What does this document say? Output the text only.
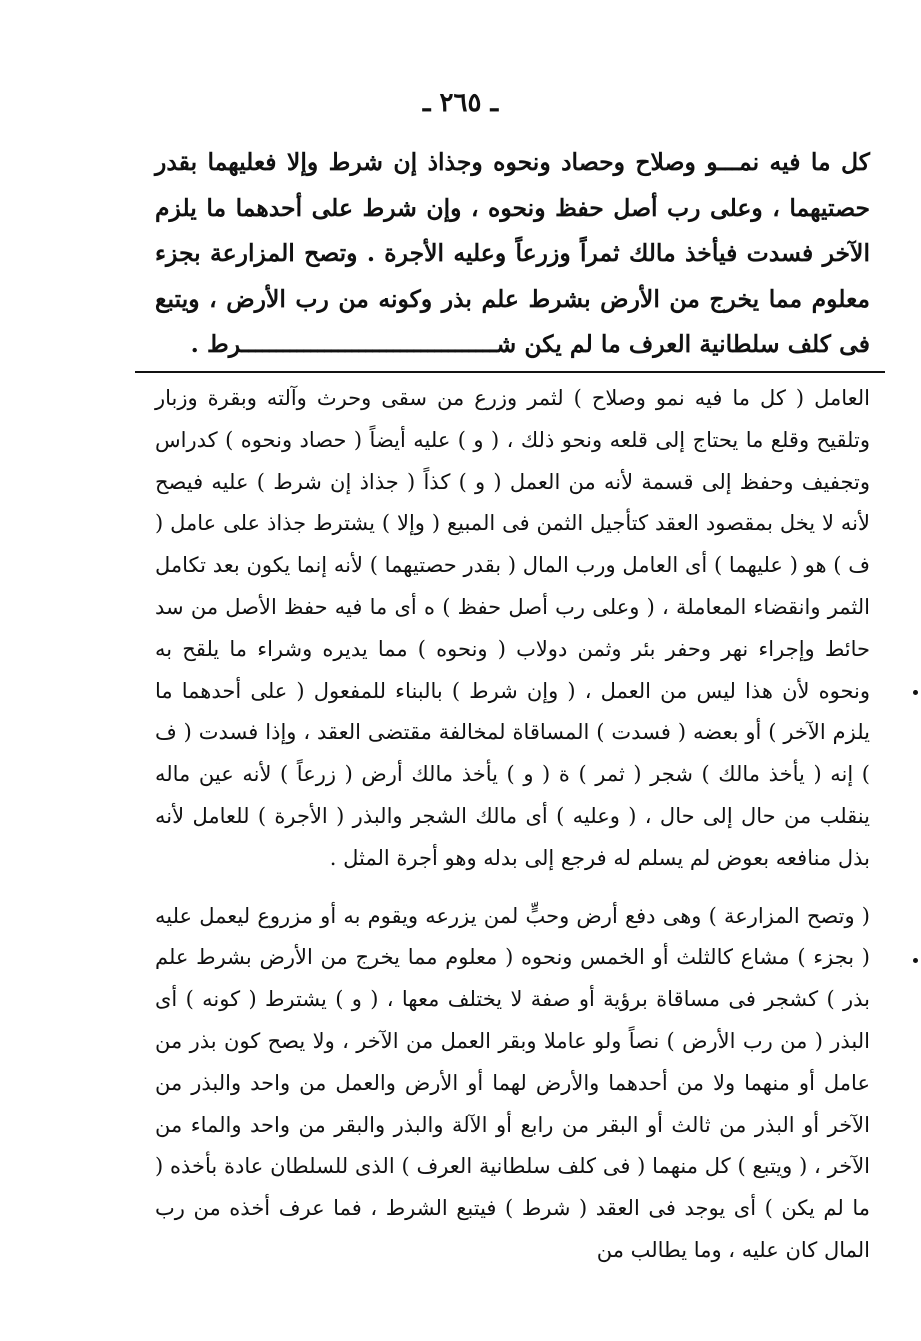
ـ ٢٦٥ ـ
كل ما فيه نمـــو وصلاح وحصاد ونحوه وجذاذ إن شرط وإلا فعليهما بقدر حصتيهما ، وعلى رب أصل حفظ ونحوه ، وإن شرط على أحدهما ما يلزم الآخر فسدت فيأخذ مالك ثمراً وزرعاً وعليه الأجرة . وتصح المزارعة بجزء معلوم مما يخرج من الأرض بشرط علم بذر وكونه من رب الأرض ، ويتبع فى كلف سلطانية العرف ما لم يكن شـــــــــــــــــــــــــــــــــــــرط .

العامل ( كل ما فيه نمو وصلاح ) لثمر وزرع من سقى وحرث وآلته وبقرة وزبار وتلقيح وقلع ما يحتاج إلى قلعه ونحو ذلك ، ( و ) عليه أيضاً ( حصاد ونحوه ) كدراس وتجفيف وحفظ إلى قسمة لأنه من العمل ( و ) كذاً ( جذاذ إن شرط ) عليه فيصح لأنه لا يخل بمقصود العقد كتأجيل الثمن فى المبيع ( وإلا ) يشترط جذاذ على عامل ( ف ) هو ( عليهما ) أى العامل ورب المال ( بقدر حصتيهما ) لأنه إنما يكون بعد تكامل الثمر وانقضاء المعاملة ، ( وعلى رب أصل حفظ ) ه أى ما فيه حفظ الأصل من سد حائط وإجراء نهر وحفر بئر وثمن دولاب ( ونحوه ) مما يديره وشراء ما يلقح به ونحوه لأن هذا ليس من العمل ، ( وإن شرط ) بالبناء للمفعول ( على أحدهما ما يلزم الآخر ) أو بعضه ( فسدت ) المساقاة لمخالفة مقتضى العقد ، وإذا فسدت ( ف ) إنه ( يأخذ مالك ) شجر ( ثمر ) ة ( و ) يأخذ مالك أرض ( زرعاً ) لأنه عين ماله ينقلب من حال إلى حال ، ( وعليه ) أى مالك الشجر والبذر ( الأجرة ) للعامل لأنه بذل منافعه بعوض لم يسلم له فرجع إلى بدله وهو أجرة المثل .

( وتصح المزارعة ) وهى دفع أرض وحبٍّ لمن يزرعه ويقوم به أو مزروع ليعمل عليه ( بجزء ) مشاع كالثلث أو الخمس ونحوه ( معلوم مما يخرج من الأرض بشرط علم بذر ) كشجر فى مساقاة برؤية أو صفة لا يختلف معها ، ( و ) يشترط ( كونه ) أى البذر ( من رب الأرض ) نصاً ولو عاملا وبقر العمل من الآخر ، ولا يصح كون بذر من عامل أو منهما ولا من أحدهما والأرض لهما أو الأرض والعمل من واحد والبذر من الآخر أو البذر من ثالث أو البقر من رابع أو الآلة والبذر والبقر من واحد والماء من الآخر ، ( ويتبع ) كل منهما ( فى كلف سلطانية العرف ) الذى للسلطان عادة بأخذه ( ما لم يكن ) أى يوجد فى العقد ( شرط ) فيتبع الشرط ، فما عرف أخذه من رب المال كان عليه ، وما يطالب من
